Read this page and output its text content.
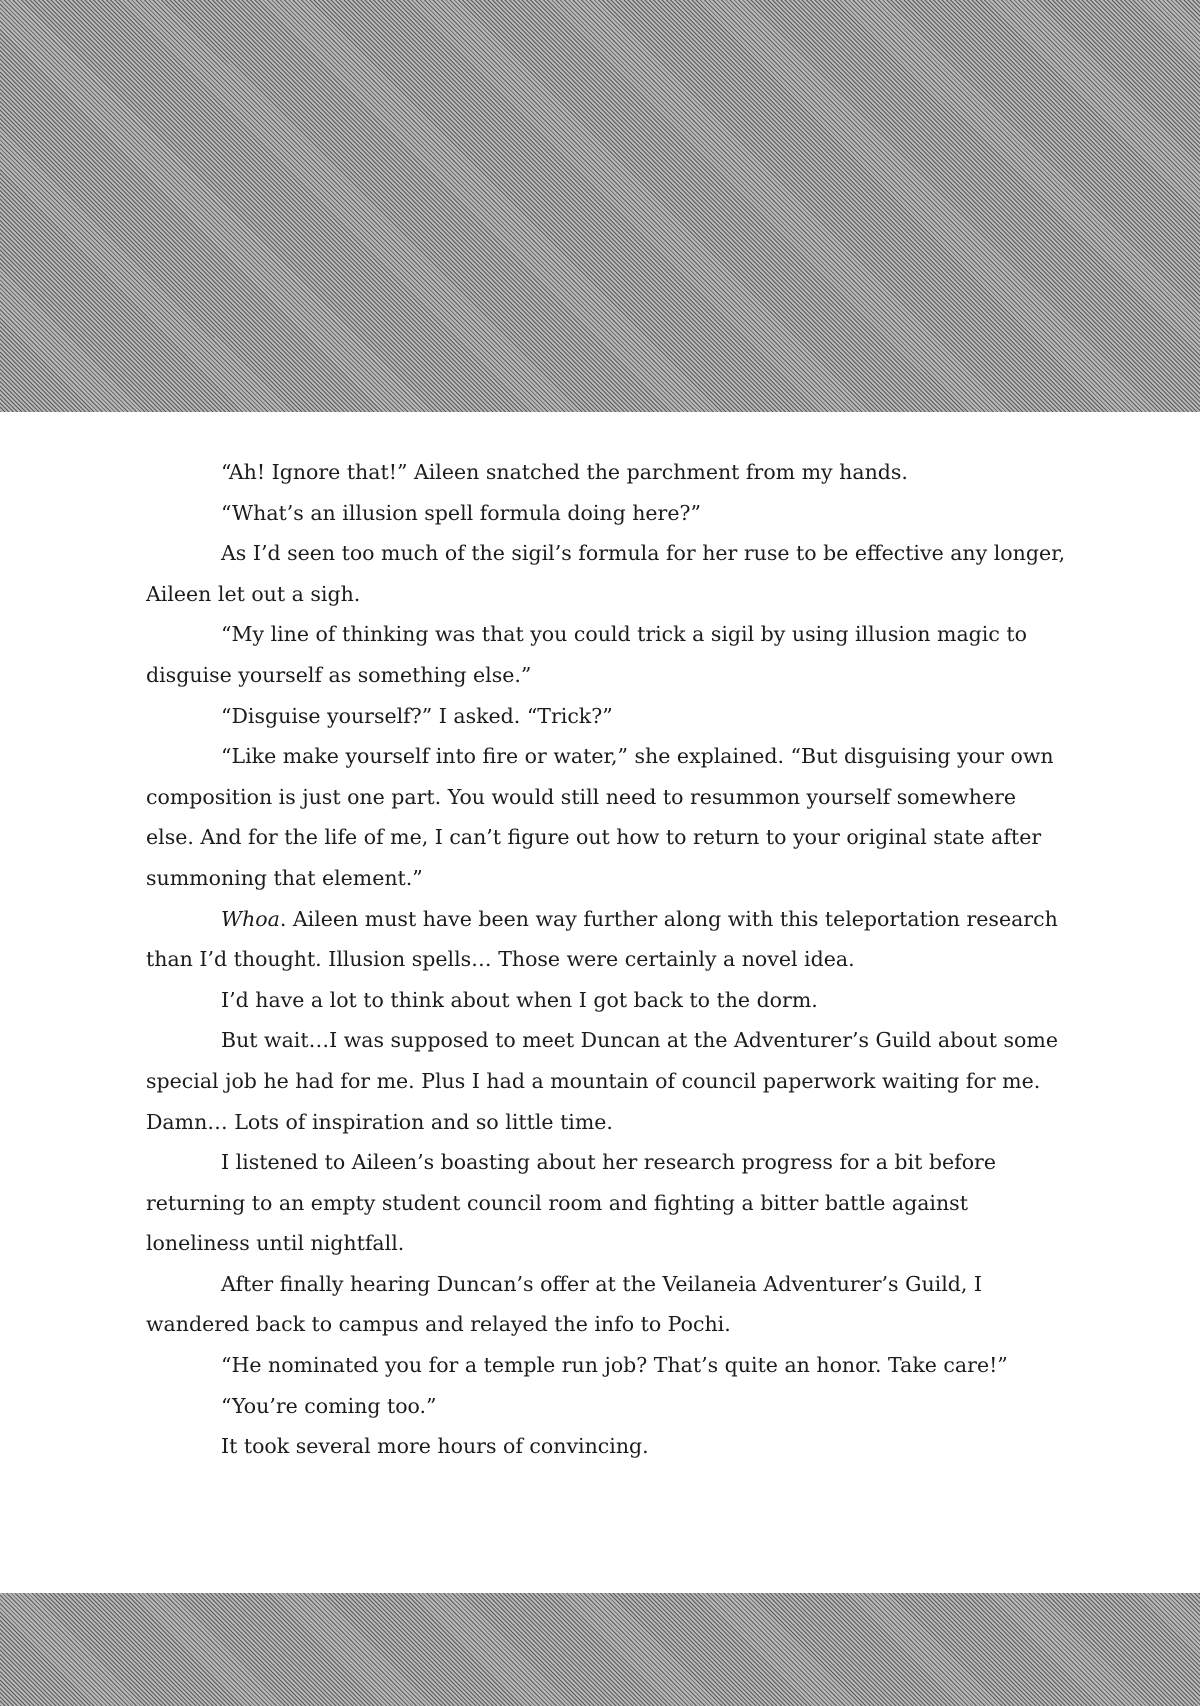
“Ah! Ignore that!” Aileen snatched the parchment from my hands.

“What’s an illusion spell formula doing here?”

As I’d seen too much of the sigil’s formula for her ruse to be effective any longer, Aileen let out a sigh.

“My line of thinking was that you could trick a sigil by using illusion magic to disguise yourself as something else.”

“Disguise yourself?” I asked. “Trick?”

“Like make yourself into fire or water,” she explained. “But disguising your own composition is just one part. You would still need to resummon yourself somewhere else. And for the life of me, I can’t figure out how to return to your original state after summoning that element.”

Whoa. Aileen must have been way further along with this teleportation research than I’d thought. Illusion spells… Those were certainly a novel idea.

I’d have a lot to think about when I got back to the dorm.

But wait…I was supposed to meet Duncan at the Adventurer’s Guild about some special job he had for me. Plus I had a mountain of council paperwork waiting for me. Damn… Lots of inspiration and so little time.

I listened to Aileen’s boasting about her research progress for a bit before returning to an empty student council room and fighting a bitter battle against loneliness until nightfall.

After finally hearing Duncan’s offer at the Veilaneia Adventurer’s Guild, I wandered back to campus and relayed the info to Pochi.

“He nominated you for a temple run job? That’s quite an honor. Take care!”

“You’re coming too.”

It took several more hours of convincing.
